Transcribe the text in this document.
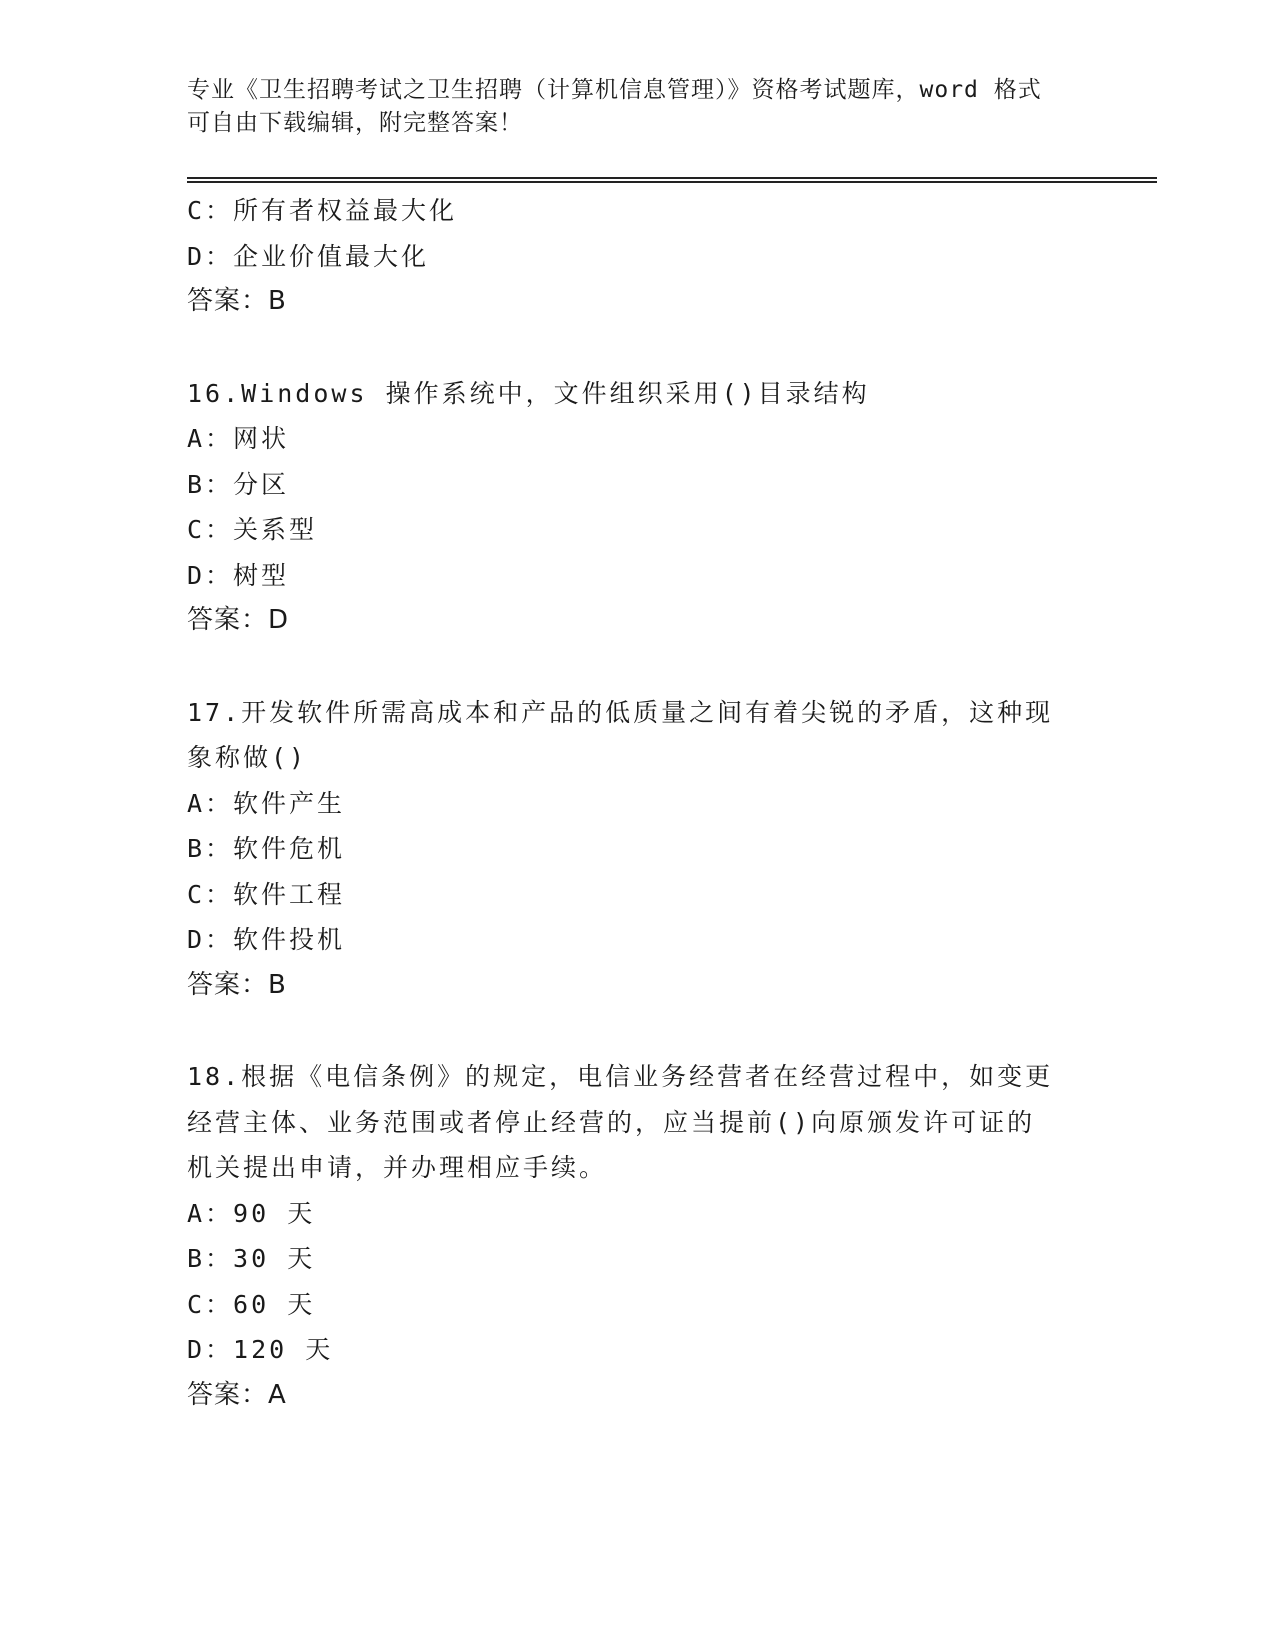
专业《卫生招聘考试之卫生招聘（计算机信息管理）》资格考试题库，word 格式
可自由下载编辑，附完整答案！
C：所有者权益最大化
D：企业价值最大化
答案：B
16.Windows 操作系统中，文件组织采用()目录结构
A：网状
B：分区
C：关系型
D：树型
答案：D
17.开发软件所需高成本和产品的低质量之间有着尖锐的矛盾，这种现
象称做()
A：软件产生
B：软件危机
C：软件工程
D：软件投机
答案：B
18.根据《电信条例》的规定，电信业务经营者在经营过程中，如变更
经营主体、业务范围或者停止经营的，应当提前()向原颁发许可证的
机关提出申请，并办理相应手续。
A：90 天
B：30 天
C：60 天
D：120 天
答案：A
